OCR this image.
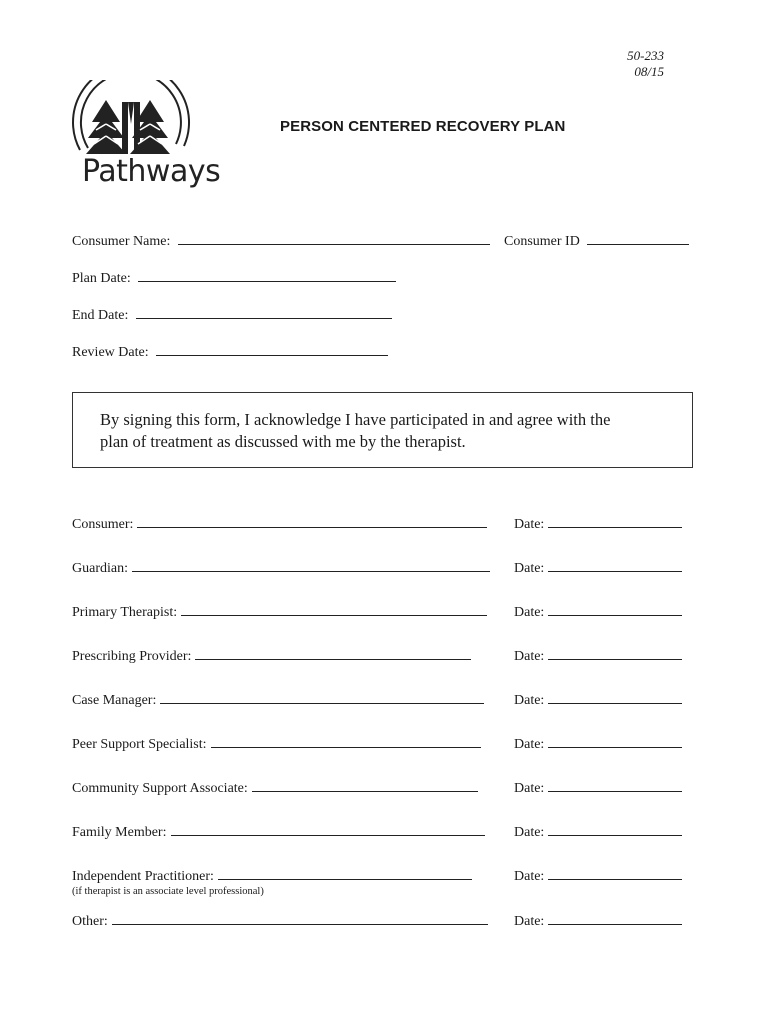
50-233
08/15
Pathways
PERSON CENTERED RECOVERY PLAN
Consumer Name:	Consumer ID
Plan Date:
End Date:
Review Date:
By signing this form, I acknowledge I have participated in and agree with the
plan of treatment as discussed with me by the therapist.
Consumer:	Date:
Guardian:	Date:
Primary Therapist:	Date:
Prescribing Provider:	Date:
Case Manager:	Date:
Peer Support Specialist:	Date:
Community Support Associate:	Date:
Family Member:	Date:
Independent Practitioner:	Date:
(if therapist is an associate level professional)
Other:	Date:
